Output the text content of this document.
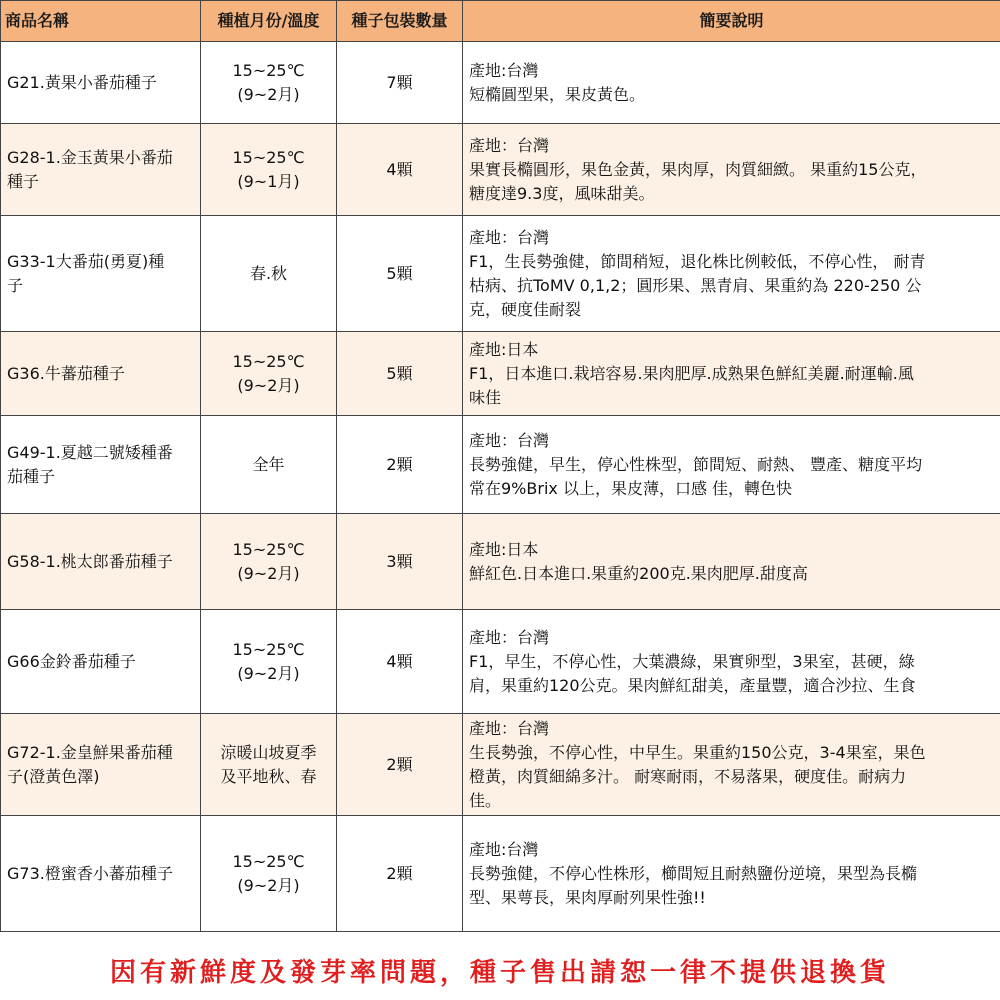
商品名稱	種植月份/溫度	種子包裝數量	簡要說明

G21.黃果小番茄種子	15~25℃
(9~2月)	7顆	產地:台灣
短橢圓型果，果皮黃色。

G28-1.金玉黃果小番茄
種子	15~25℃
(9~1月)	4顆	產地：台灣
果實長橢圓形，果色金黃，果肉厚，肉質細緻。 果重約15公克，
糖度達9.3度，風味甜美。

G33-1大番茄(勇夏)種
子	春.秋	5顆	產地：台灣
F1，生長勢強健，節間稍短，退化株比例較低，不停心性， 耐青
枯病、抗ToMV 0,1,2；圓形果、黑青肩、果重約為 220-250 公
克，硬度佳耐裂

G36.牛蕃茄種子	15~25℃
(9~2月)	5顆	產地:日本
F1，日本進口.栽培容易.果肉肥厚.成熟果色鮮紅美麗.耐運輸.風
味佳

G49-1.夏越二號矮種番
茄種子	全年	2顆	產地：台灣
長勢強健，早生，停心性株型，節間短、耐熱、 豐產、糖度平均
常在9%Brix 以上，果皮薄，口感 佳，轉色快

G58-1.桃太郎番茄種子	15~25℃
(9~2月)	3顆	產地:日本
鮮紅色.日本進口.果重約200克.果肉肥厚.甜度高

G66金鈴番茄種子	15~25℃
(9~2月)	4顆	產地：台灣
F1，早生，不停心性，大葉濃綠，果實卵型，3果室，甚硬，綠
肩，果重約120公克。果肉鮮紅甜美，產量豐，適合沙拉、生食

G72-1.金皇鮮果番茄種
子(澄黃色澤)	涼暖山坡夏季
及平地秋、春	2顆	產地：台灣
生長勢強，不停心性，中早生。果重約150公克，3-4果室，果色
橙黃，肉質細綿多汁。 耐寒耐雨，不易落果，硬度佳。耐病力
佳。

G73.橙蜜香小蕃茄種子	15~25℃
(9~2月)	2顆	產地:台灣
長勢強健，不停心性株形，櫛間短且耐熱鹽份逆境，果型為長橢
型、果萼長，果肉厚耐列果性強!!
因有新鮮度及發芽率問題，種子售出請恕一律不提供退換貨
